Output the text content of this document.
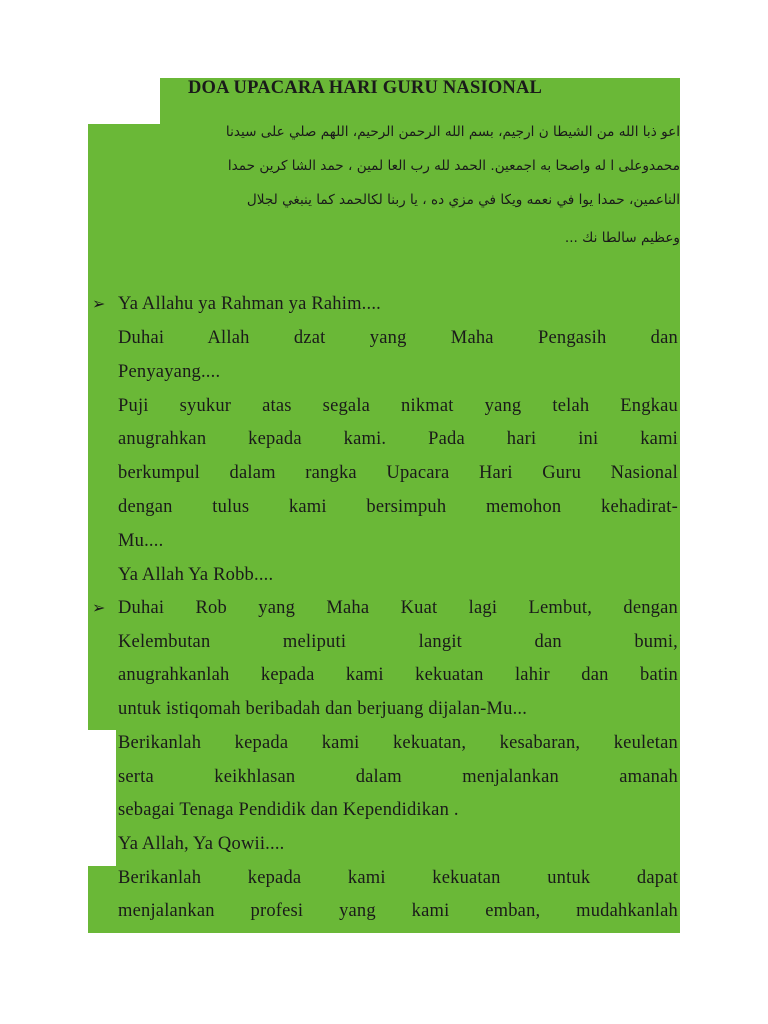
DOA UPACARA HARI GURU NASIONAL
اعو ذبا الله من الشيطا ن ارجيم، بسم الله الرحمن الرحيم، اللهم صلي على سيدنا
محمدوعلى ا له واصحا به اجمعين. الحمد لله رب العا لمين ، حمد الشا كرين حمدا
الناعمين، حمدا يوا في نعمه ويكا في مزي ده ، يا ربنا لكالحمد كما ينبغي لجلال
وعظيم سالطا نك ...
➢
➢
Ya Allahu ya Rahman ya Rahim....
Duhai Allah dzat yang Maha Pengasih dan
Penyayang....
Puji syukur atas segala nikmat yang telah Engkau
anugrahkan kepada kami. Pada hari ini kami
berkumpul dalam rangka Upacara Hari Guru Nasional
dengan tulus kami bersimpuh memohon kehadirat-
Mu....
Ya Allah Ya Robb....
Duhai Rob yang Maha Kuat lagi Lembut, dengan
Kelembutan meliputi langit dan bumi,
anugrahkanlah kepada kami kekuatan lahir dan batin
untuk istiqomah beribadah dan berjuang dijalan-Mu...
Berikanlah kepada kami kekuatan, kesabaran, keuletan
serta keikhlasan dalam menjalankan amanah
sebagai Tenaga Pendidik dan Kependidikan .
Ya Allah, Ya Qowii....
Berikanlah kepada kami kekuatan untuk dapat
menjalankan profesi yang kami emban, mudahkanlah
